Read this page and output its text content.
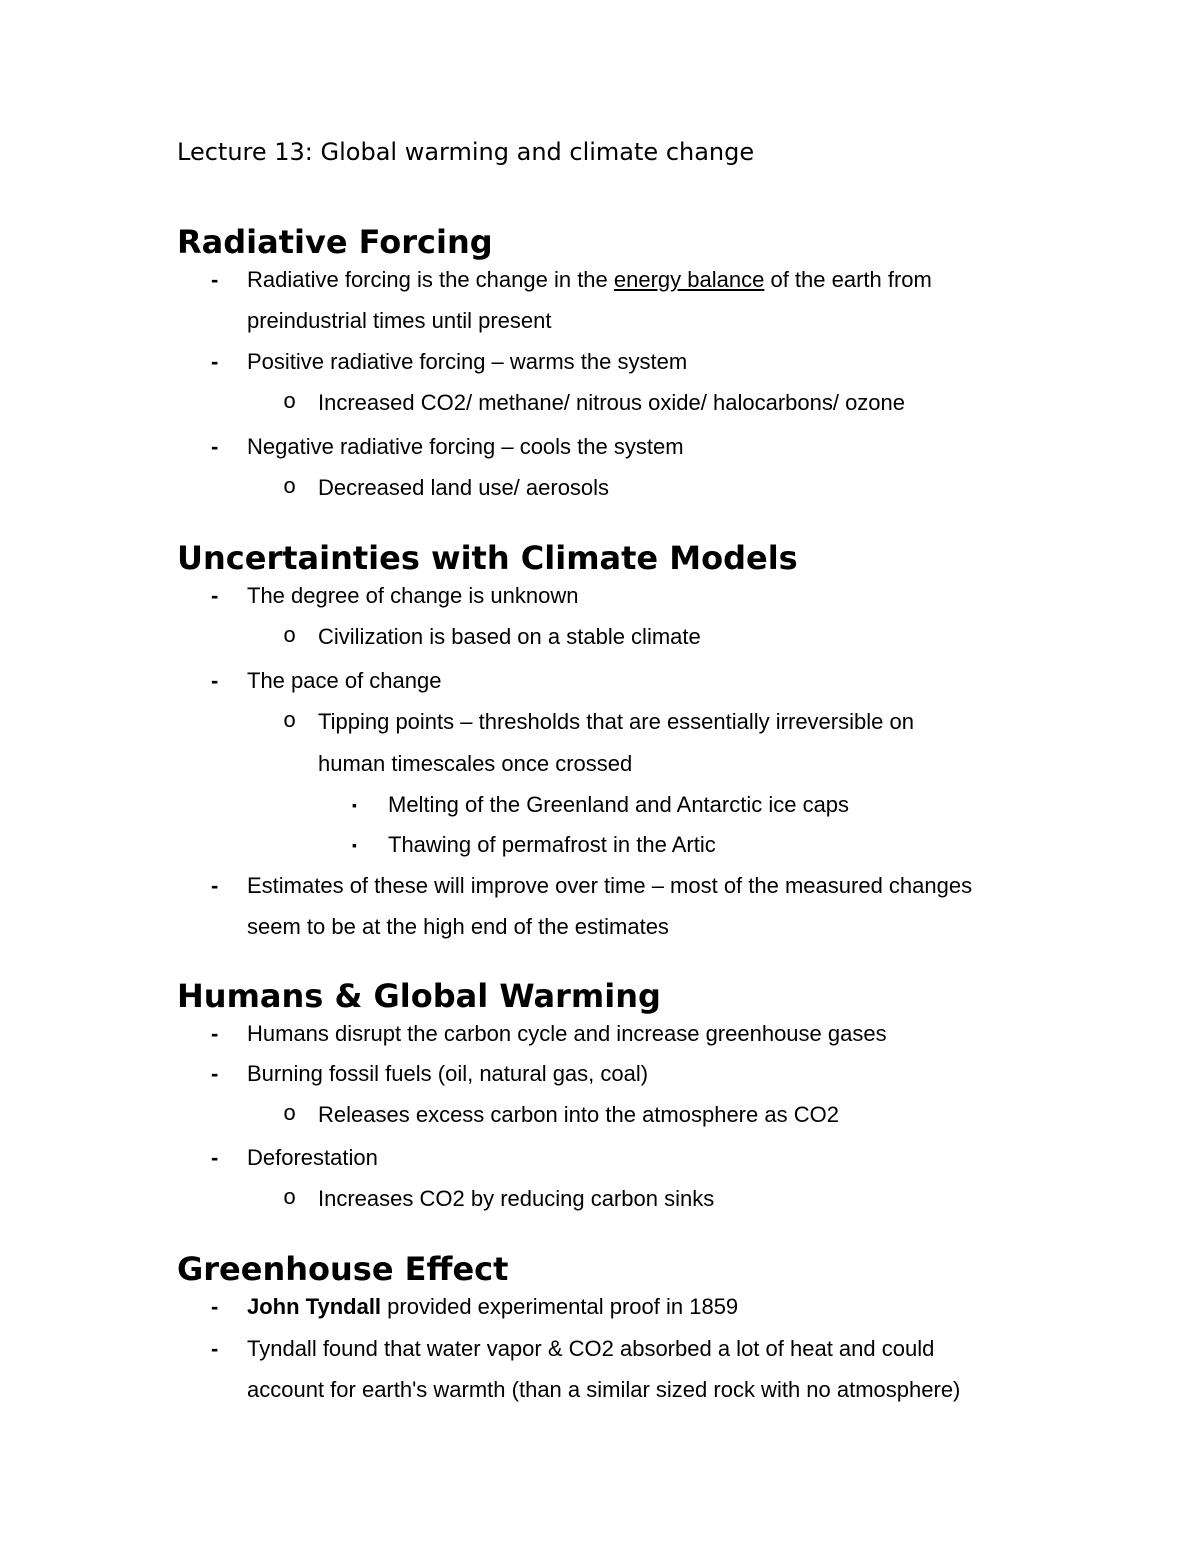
Lecture 13: Global warming and climate change
Radiative Forcing
- Radiative forcing is the change in the energy balance of the earth from
preindustrial times until present
- Positive radiative forcing – warms the system
o Increased CO2/ methane/ nitrous oxide/ halocarbons/ ozone
- Negative radiative forcing – cools the system
o Decreased land use/ aerosols
Uncertainties with Climate Models
- The degree of change is unknown
o Civilization is based on a stable climate
- The pace of change
o Tipping points – thresholds that are essentially irreversible on
human timescales once crossed
▪ Melting of the Greenland and Antarctic ice caps
▪ Thawing of permafrost in the Artic
- Estimates of these will improve over time – most of the measured changes
seem to be at the high end of the estimates
Humans & Global Warming
- Humans disrupt the carbon cycle and increase greenhouse gases
- Burning fossil fuels (oil, natural gas, coal)
o Releases excess carbon into the atmosphere as CO2
- Deforestation
o Increases CO2 by reducing carbon sinks
Greenhouse Effect
- John Tyndall provided experimental proof in 1859
- Tyndall found that water vapor & CO2 absorbed a lot of heat and could
account for earth's warmth (than a similar sized rock with no atmosphere)
